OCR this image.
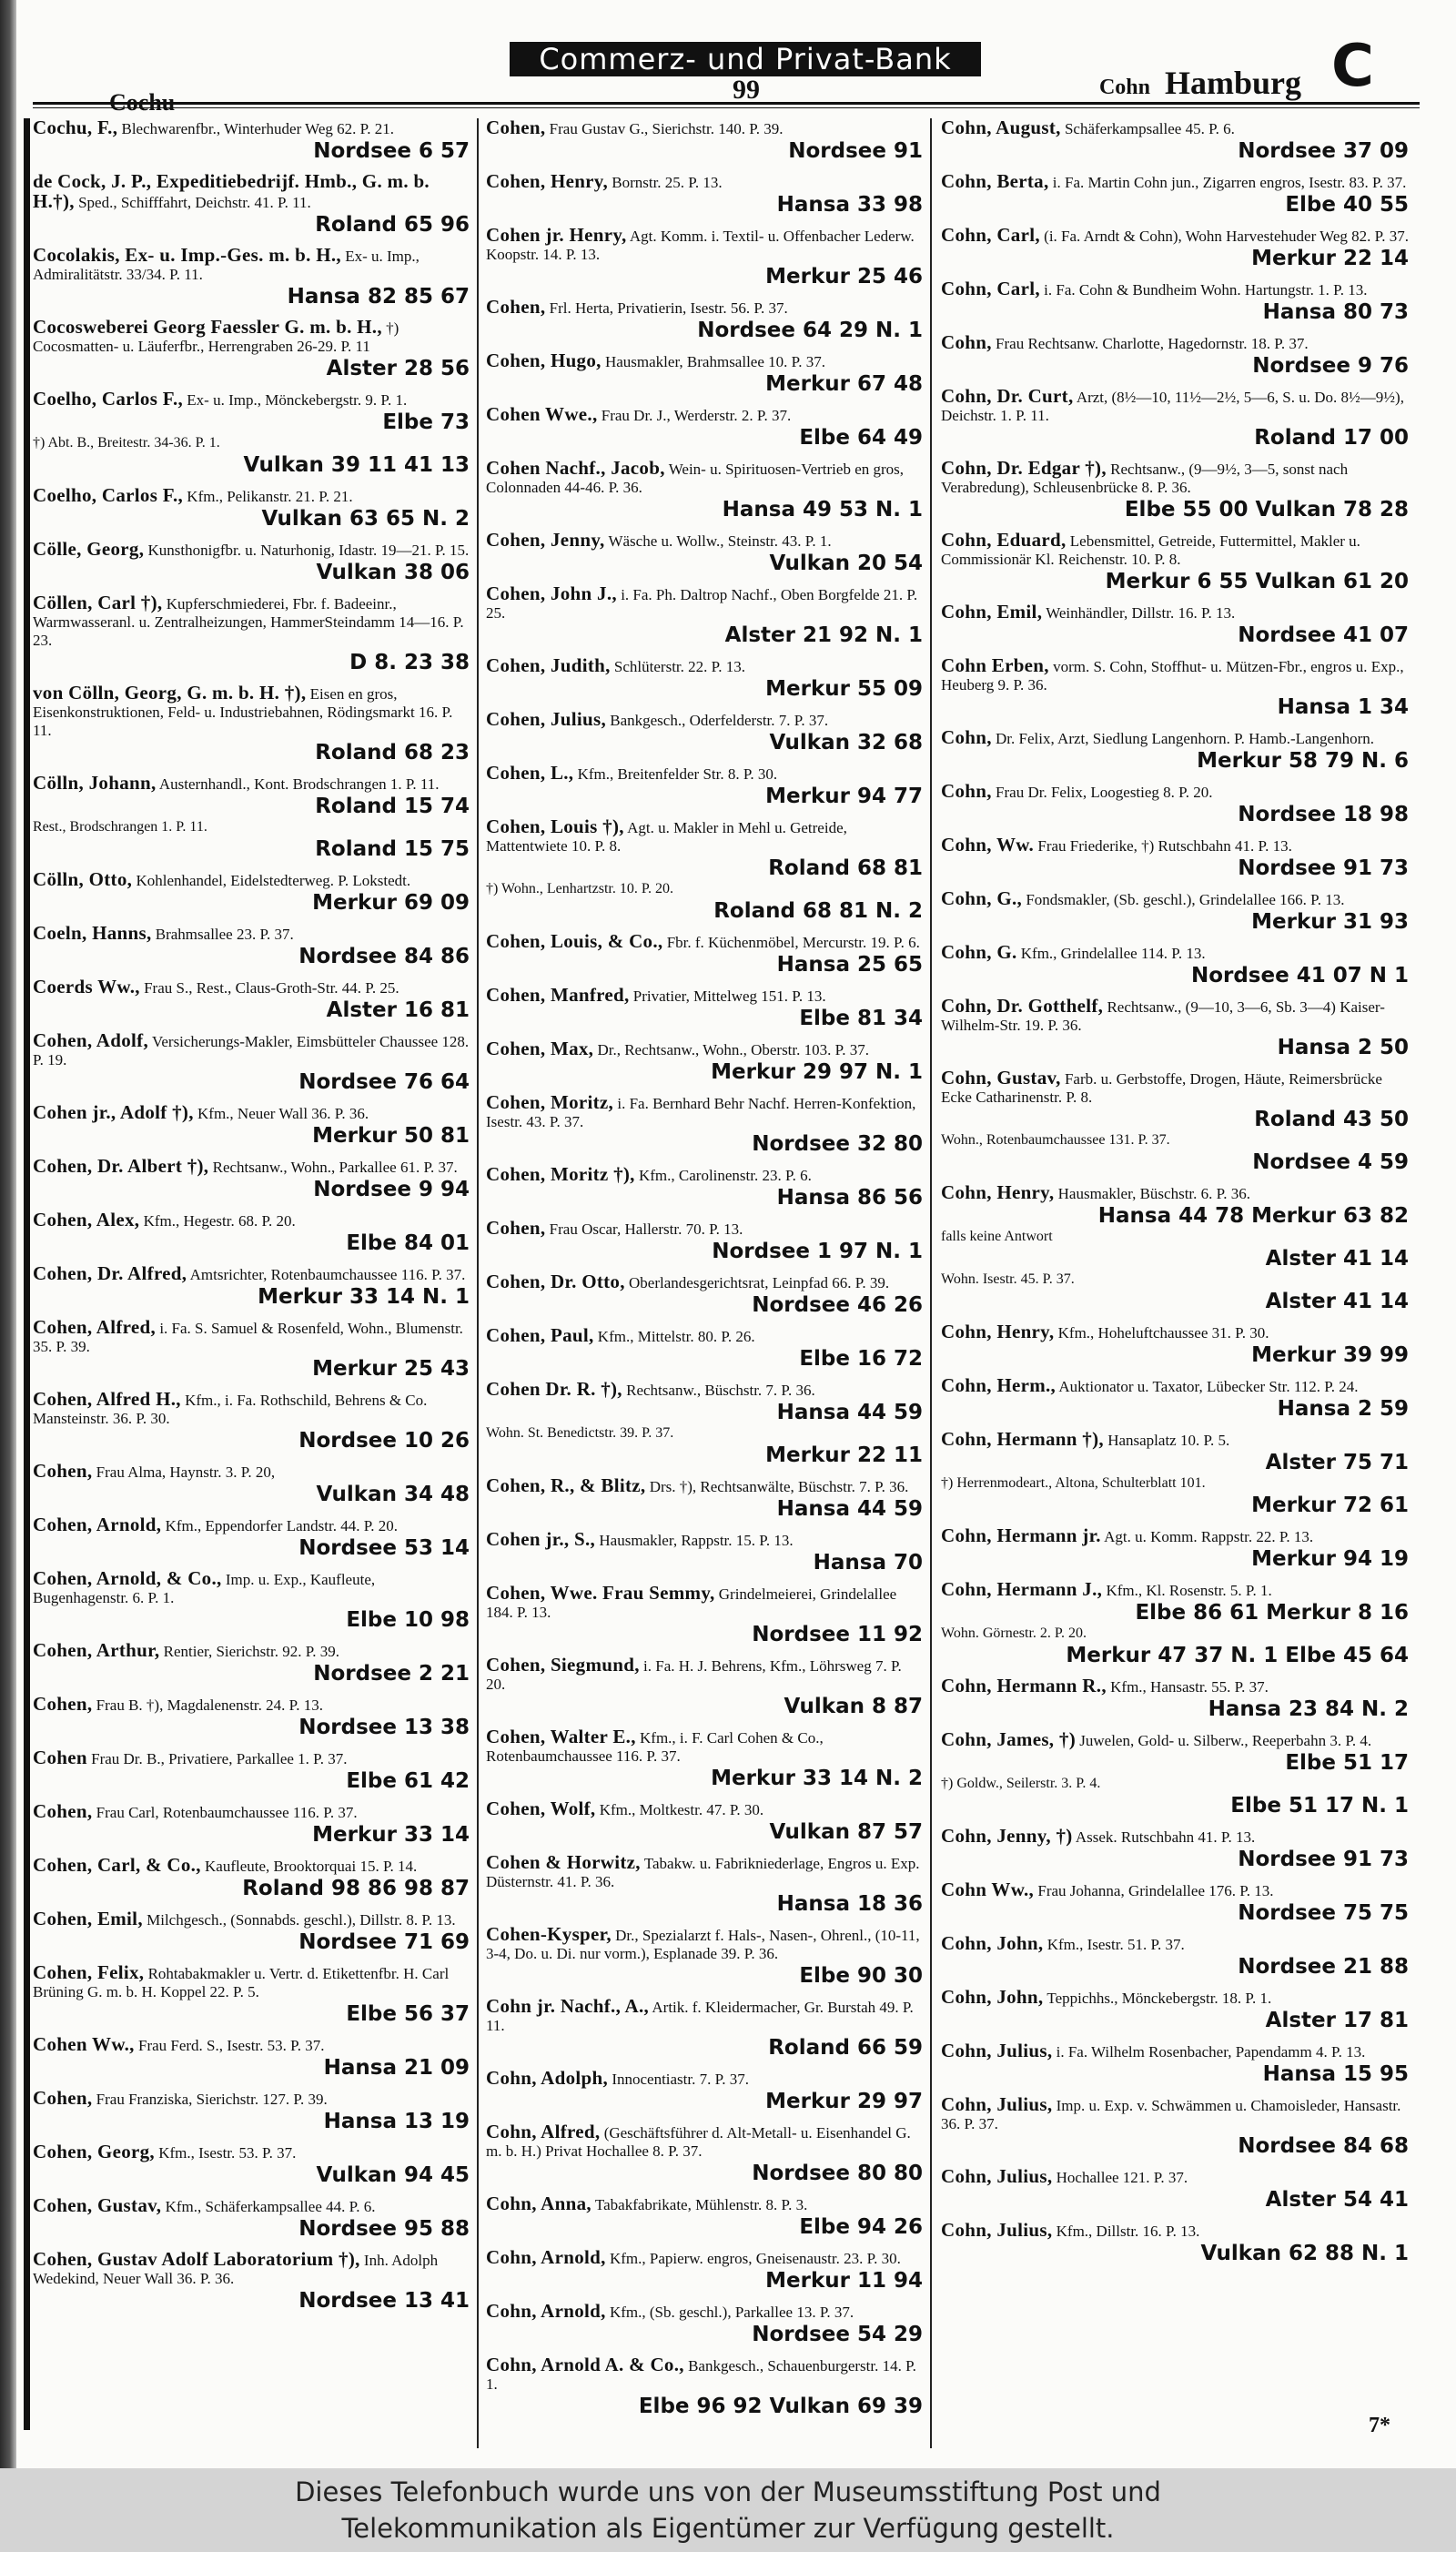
Cochu
Commerz- und Privat-Bank
99	Cohn Hamburg C
Cochu, F., Blechwarenfbr., Winterhuder Weg 62. P. 21.
Nordsee 6 57
de Cock, J. P., Expeditiebedrijf. Hmb., G. m. b. H.†), Sped., Schifffahrt, Deichstr. 41. P. 11.
Roland 65 96
Cocolakis, Ex- u. Imp.-Ges. m. b. H., Ex- u. Imp., Admiralitätstr. 33/34. P. 11.
Hansa 82 85 67
Cocosweberei Georg Faessler G. m. b. H., †) Cocosmatten- u. Läuferfbr., Herrengraben 26-29. P. 11
Alster 28 56
Coelho, Carlos F., Ex- u. Imp., Mönckebergstr. 9. P. 1.
Elbe 73
†) Abt. B., Breitestr. 34-36. P. 1.
Vulkan 39 11 41 13
Coelho, Carlos F., Kfm., Pelikanstr. 21. P. 21.
Vulkan 63 65 N. 2
Cölle, Georg, Kunsthonigfbr. u. Naturhonig, Idastr. 19—21. P. 15.
Vulkan 38 06
Cöllen, Carl †), Kupferschmiederei, Fbr. f. Badeeinr., Warmwasseranl. u. Zentralheizungen, HammerSteindamm 14—16. P. 23.
D 8. 23 38
von Cölln, Georg, G. m. b. H. †), Eisen en gros, Eisenkonstruktionen, Feld- u. Industriebahnen, Rödingsmarkt 16. P. 11.
Roland 68 23
Cölln, Johann, Austernhandl., Kont. Brodschrangen 1. P. 11.
Roland 15 74
Rest., Brodschrangen 1. P. 11.
Roland 15 75
Cölln, Otto, Kohlenhandel, Eidelstedterweg. P. Lokstedt.
Merkur 69 09
Coeln, Hanns, Brahmsallee 23. P. 37.
Nordsee 84 86
Coerds Ww., Frau S., Rest., Claus-Groth-Str. 44. P. 25.
Alster 16 81
Cohen, Adolf, Versicherungs-Makler, Eimsbütteler Chaussee 128. P. 19.
Nordsee 76 64
Cohen jr., Adolf †), Kfm., Neuer Wall 36. P. 36.
Merkur 50 81
Cohen, Dr. Albert †), Rechtsanw., Wohn., Parkallee 61. P. 37.
Nordsee 9 94
Cohen, Alex, Kfm., Hegestr. 68. P. 20.
Elbe 84 01
Cohen, Dr. Alfred, Amtsrichter, Rotenbaumchaussee 116. P. 37.
Merkur 33 14 N. 1
Cohen, Alfred, i. Fa. S. Samuel & Rosenfeld, Wohn., Blumenstr. 35. P. 39.
Merkur 25 43
Cohen, Alfred H., Kfm., i. Fa. Rothschild, Behrens & Co. Mansteinstr. 36. P. 30.
Nordsee 10 26
Cohen, Frau Alma, Haynstr. 3. P. 20,
Vulkan 34 48
Cohen, Arnold, Kfm., Eppendorfer Landstr. 44. P. 20.
Nordsee 53 14
Cohen, Arnold, & Co., Imp. u. Exp., Kaufleute, Bugenhagenstr. 6. P. 1.
Elbe 10 98
Cohen, Arthur, Rentier, Sierichstr. 92. P. 39.
Nordsee 2 21
Cohen, Frau B. †), Magdalenenstr. 24. P. 13.
Nordsee 13 38
Cohen Frau Dr. B., Privatiere, Parkallee 1. P. 37.
Elbe 61 42
Cohen, Frau Carl, Rotenbaumchaussee 116. P. 37.
Merkur 33 14
Cohen, Carl, & Co., Kaufleute, Brooktorquai 15. P. 14.
Roland 98 86 98 87
Cohen, Emil, Milchgesch., (Sonnabds. geschl.), Dillstr. 8. P. 13.
Nordsee 71 69
Cohen, Felix, Rohtabakmakler u. Vertr. d. Etikettenfbr. H. Carl Brüning G. m. b. H. Koppel 22. P. 5.
Elbe 56 37
Cohen Ww., Frau Ferd. S., Isestr. 53. P. 37.
Hansa 21 09
Cohen, Frau Franziska, Sierichstr. 127. P. 39.
Hansa 13 19
Cohen, Georg, Kfm., Isestr. 53. P. 37.
Vulkan 94 45
Cohen, Gustav, Kfm., Schäferkampsallee 44. P. 6.
Nordsee 95 88
Cohen, Gustav Adolf Laboratorium †), Inh. Adolph Wedekind, Neuer Wall 36. P. 36.
Nordsee 13 41
Cohen, Frau Gustav G., Sierichstr. 140. P. 39.
Nordsee 91
Cohen, Henry, Bornstr. 25. P. 13.
Hansa 33 98
Cohen jr. Henry, Agt. Komm. i. Textil- u. Offenbacher Lederw. Koopstr. 14. P. 13.
Merkur 25 46
Cohen, Frl. Herta, Privatierin, Isestr. 56. P. 37.
Nordsee 64 29 N. 1
Cohen, Hugo, Hausmakler, Brahmsallee 10. P. 37.
Merkur 67 48
Cohen Wwe., Frau Dr. J., Werderstr. 2. P. 37.
Elbe 64 49
Cohen Nachf., Jacob, Wein- u. Spirituosen-Vertrieb en gros, Colonnaden 44-46. P. 36.
Hansa 49 53 N. 1
Cohen, Jenny, Wäsche u. Wollw., Steinstr. 43. P. 1.
Vulkan 20 54
Cohen, John J., i. Fa. Ph. Daltrop Nachf., Oben Borgfelde 21. P. 25.
Alster 21 92 N. 1
Cohen, Judith, Schlüterstr. 22. P. 13.
Merkur 55 09
Cohen, Julius, Bankgesch., Oderfelderstr. 7. P. 37.
Vulkan 32 68
Cohen, L., Kfm., Breitenfelder Str. 8. P. 30.
Merkur 94 77
Cohen, Louis †), Agt. u. Makler in Mehl u. Getreide, Mattentwiete 10. P. 8.
Roland 68 81
†) Wohn., Lenhartzstr. 10. P. 20.
Roland 68 81 N. 2
Cohen, Louis, & Co., Fbr. f. Küchenmöbel, Mercurstr. 19. P. 6.
Hansa 25 65
Cohen, Manfred, Privatier, Mittelweg 151. P. 13.
Elbe 81 34
Cohen, Max, Dr., Rechtsanw., Wohn., Oberstr. 103. P. 37.
Merkur 29 97 N. 1
Cohen, Moritz, i. Fa. Bernhard Behr Nachf. Herren-Konfektion, Isestr. 43. P. 37.
Nordsee 32 80
Cohen, Moritz †), Kfm., Carolinenstr. 23. P. 6.
Hansa 86 56
Cohen, Frau Oscar, Hallerstr. 70. P. 13.
Nordsee 1 97 N. 1
Cohen, Dr. Otto, Oberlandesgerichtsrat, Leinpfad 66. P. 39.
Nordsee 46 26
Cohen, Paul, Kfm., Mittelstr. 80. P. 26.
Elbe 16 72
Cohen Dr. R. †), Rechtsanw., Büschstr. 7. P. 36.
Hansa 44 59
Wohn. St. Benedictstr. 39. P. 37.
Merkur 22 11
Cohen, R., & Blitz, Drs. †), Rechtsanwälte, Büschstr. 7. P. 36.
Hansa 44 59
Cohen jr., S., Hausmakler, Rappstr. 15. P. 13.
Hansa 70
Cohen, Wwe. Frau Semmy, Grindelmeierei, Grindelallee 184. P. 13.
Nordsee 11 92
Cohen, Siegmund, i. Fa. H. J. Behrens, Kfm., Löhrsweg 7. P. 20.
Vulkan 8 87
Cohen, Walter E., Kfm., i. F. Carl Cohen & Co., Rotenbaumchaussee 116. P. 37.
Merkur 33 14 N. 2
Cohen, Wolf, Kfm., Moltkestr. 47. P. 30.
Vulkan 87 57
Cohen & Horwitz, Tabakw. u. Fabrikniederlage, Engros u. Exp. Düsternstr. 41. P. 36.
Hansa 18 36
Cohen-Kysper, Dr., Spezialarzt f. Hals-, Nasen-, Ohrenl., (10-11, 3-4, Do. u. Di. nur vorm.), Esplanade 39. P. 36.
Elbe 90 30
Cohn jr. Nachf., A., Artik. f. Kleidermacher, Gr. Burstah 49. P. 11.
Roland 66 59
Cohn, Adolph, Innocentiastr. 7. P. 37.
Merkur 29 97
Cohn, Alfred, (Geschäftsführer d. Alt-Metall- u. Eisenhandel G. m. b. H.) Privat Hochallee 8. P. 37.
Nordsee 80 80
Cohn, Anna, Tabakfabrikate, Mühlenstr. 8. P. 3.
Elbe 94 26
Cohn, Arnold, Kfm., Papierw. engros, Gneisenaustr. 23. P. 30.
Merkur 11 94
Cohn, Arnold, Kfm., (Sb. geschl.), Parkallee 13. P. 37.
Nordsee 54 29
Cohn, Arnold A. & Co., Bankgesch., Schauenburgerstr. 14. P. 1.
Elbe 96 92 Vulkan 69 39
Cohn, August, Schäferkampsallee 45. P. 6.
Nordsee 37 09
Cohn, Berta, i. Fa. Martin Cohn jun., Zigarren engros, Isestr. 83. P. 37.
Elbe 40 55
Cohn, Carl, (i. Fa. Arndt & Cohn), Wohn Harvestehuder Weg 82. P. 37.
Merkur 22 14
Cohn, Carl, i. Fa. Cohn & Bundheim Wohn. Hartungstr. 1. P. 13.
Hansa 80 73
Cohn, Frau Rechtsanw. Charlotte, Hagedornstr. 18. P. 37.
Nordsee 9 76
Cohn, Dr. Curt, Arzt, (8½—10, 11½—2½, 5—6, S. u. Do. 8½—9½), Deichstr. 1. P. 11.
Roland 17 00
Cohn, Dr. Edgar †), Rechtsanw., (9—9½, 3—5, sonst nach Verabredung), Schleusenbrücke 8. P. 36.
Elbe 55 00 Vulkan 78 28
Cohn, Eduard, Lebensmittel, Getreide, Futtermittel, Makler u. Commissionär Kl. Reichenstr. 10. P. 8.
Merkur 6 55 Vulkan 61 20
Cohn, Emil, Weinhändler, Dillstr. 16. P. 13.
Nordsee 41 07
Cohn Erben, vorm. S. Cohn, Stoffhut- u. Mützen-Fbr., engros u. Exp., Heuberg 9. P. 36.
Hansa 1 34
Cohn, Dr. Felix, Arzt, Siedlung Langenhorn. P. Hamb.-Langenhorn.
Merkur 58 79 N. 6
Cohn, Frau Dr. Felix, Loogestieg 8. P. 20.
Nordsee 18 98
Cohn, Ww. Frau Friederike, †) Rutschbahn 41. P. 13.
Nordsee 91 73
Cohn, G., Fondsmakler, (Sb. geschl.), Grindelallee 166. P. 13.
Merkur 31 93
Cohn, G. Kfm., Grindelallee 114. P. 13.
Nordsee 41 07 N 1
Cohn, Dr. Gotthelf, Rechtsanw., (9—10, 3—6, Sb. 3—4) Kaiser-Wilhelm-Str. 19. P. 36.
Hansa 2 50
Cohn, Gustav, Farb. u. Gerbstoffe, Drogen, Häute, Reimersbrücke Ecke Catharinenstr. P. 8.
Roland 43 50
Wohn., Rotenbaumchaussee 131. P. 37.
Nordsee 4 59
Cohn, Henry, Hausmakler, Büschstr. 6. P. 36.
Hansa 44 78 Merkur 63 82
falls keine Antwort
Alster 41 14
Wohn. Isestr. 45. P. 37.
Alster 41 14
Cohn, Henry, Kfm., Hoheluftchaussee 31. P. 30.
Merkur 39 99
Cohn, Herm., Auktionator u. Taxator, Lübecker Str. 112. P. 24.
Hansa 2 59
Cohn, Hermann †), Hansaplatz 10. P. 5.
Alster 75 71
†) Herrenmodeart., Altona, Schulterblatt 101.
Merkur 72 61
Cohn, Hermann jr. Agt. u. Komm. Rappstr. 22. P. 13.
Merkur 94 19
Cohn, Hermann J., Kfm., Kl. Rosenstr. 5. P. 1.
Elbe 86 61 Merkur 8 16
Wohn. Görnestr. 2. P. 20.
Merkur 47 37 N. 1 Elbe 45 64
Cohn, Hermann R., Kfm., Hansastr. 55. P. 37.
Hansa 23 84 N. 2
Cohn, James, †) Juwelen, Gold- u. Silberw., Reeperbahn 3. P. 4.
Elbe 51 17
†) Goldw., Seilerstr. 3. P. 4.
Elbe 51 17 N. 1
Cohn, Jenny, †) Assek. Rutschbahn 41. P. 13.
Nordsee 91 73
Cohn Ww., Frau Johanna, Grindelallee 176. P. 13.
Nordsee 75 75
Cohn, John, Kfm., Isestr. 51. P. 37.
Nordsee 21 88
Cohn, John, Teppichhs., Mönckebergstr. 18. P. 1.
Alster 17 81
Cohn, Julius, i. Fa. Wilhelm Rosenbacher, Papendamm 4. P. 13.
Hansa 15 95
Cohn, Julius, Imp. u. Exp. v. Schwämmen u. Chamoisleder, Hansastr. 36. P. 37.
Nordsee 84 68
Cohn, Julius, Hochallee 121. P. 37.
Alster 54 41
Cohn, Julius, Kfm., Dillstr. 16. P. 13.
Vulkan 62 88 N. 1
7*
Dieses Telefonbuch wurde uns von der Museumsstiftung Post und
Telekommunikation als Eigentümer zur Verfügung gestellt.
